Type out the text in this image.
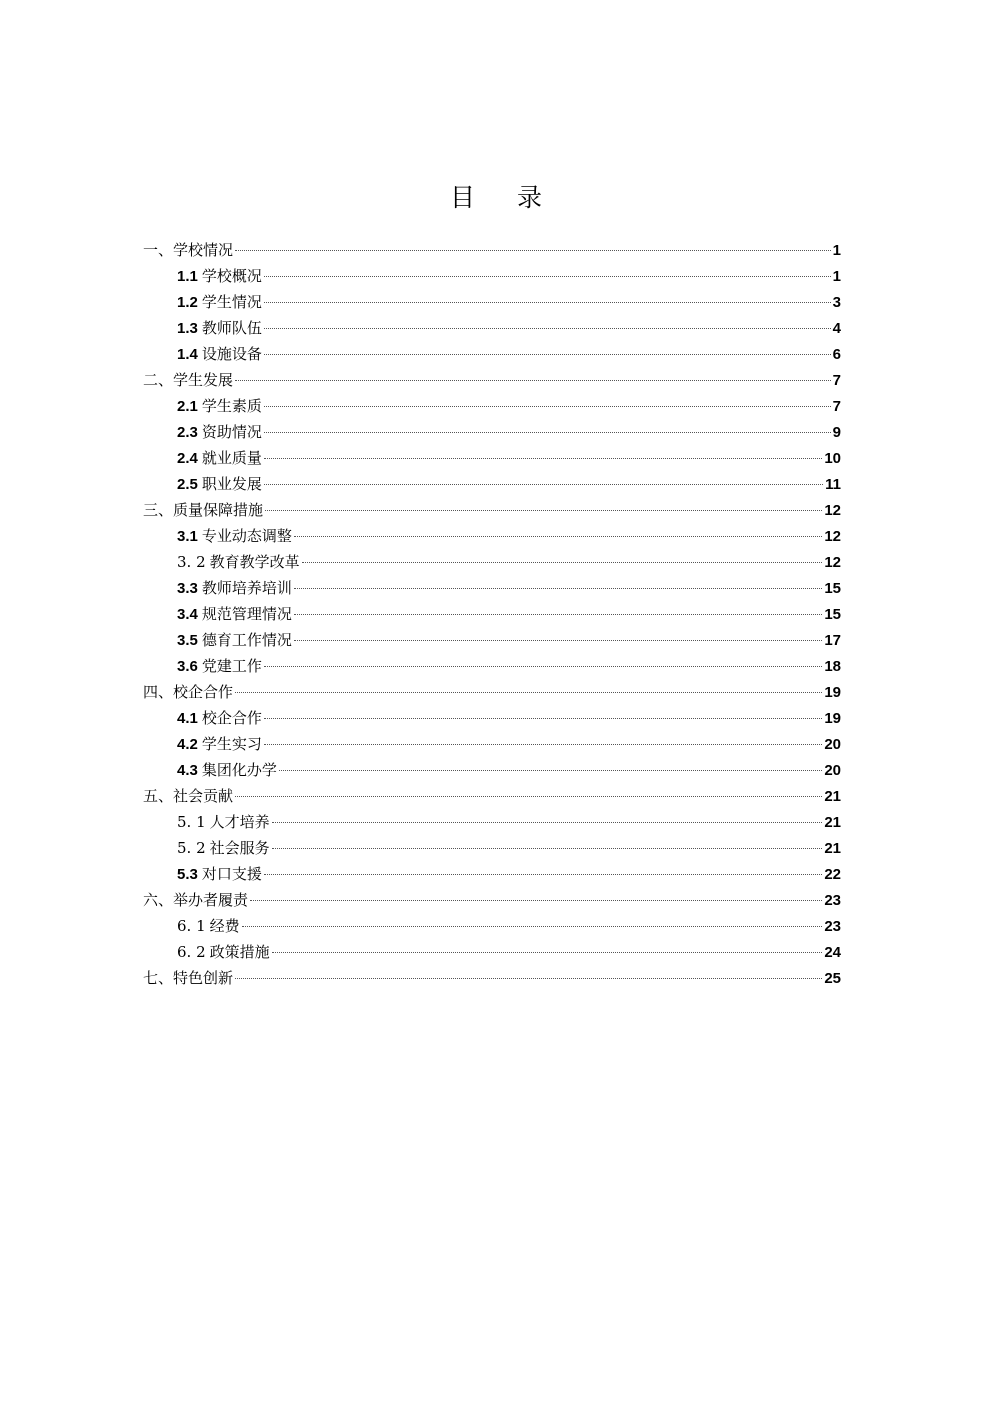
目 录
一、学校情况	1
1.1 学校概况	1
1.2 学生情况	3
1.3 教师队伍	4
1.4 设施设备	6
二、学生发展	7
2.1 学生素质	7
2.3 资助情况	9
2.4 就业质量	10
2.5 职业发展	11
三、质量保障措施	12
3.1 专业动态调整	12
3. 2 教育教学改革	12
3.3 教师培养培训	15
3.4 规范管理情况	15
3.5 德育工作情况	17
3.6 党建工作	18
四、校企合作	19
4.1 校企合作	19
4.2 学生实习	20
4.3 集团化办学	20
五、社会贡献	21
5. 1 人才培养	21
5. 2 社会服务	21
5.3 对口支援	22
六、举办者履责	23
6. 1 经费	23
6. 2 政策措施	24
七、特色创新	25
